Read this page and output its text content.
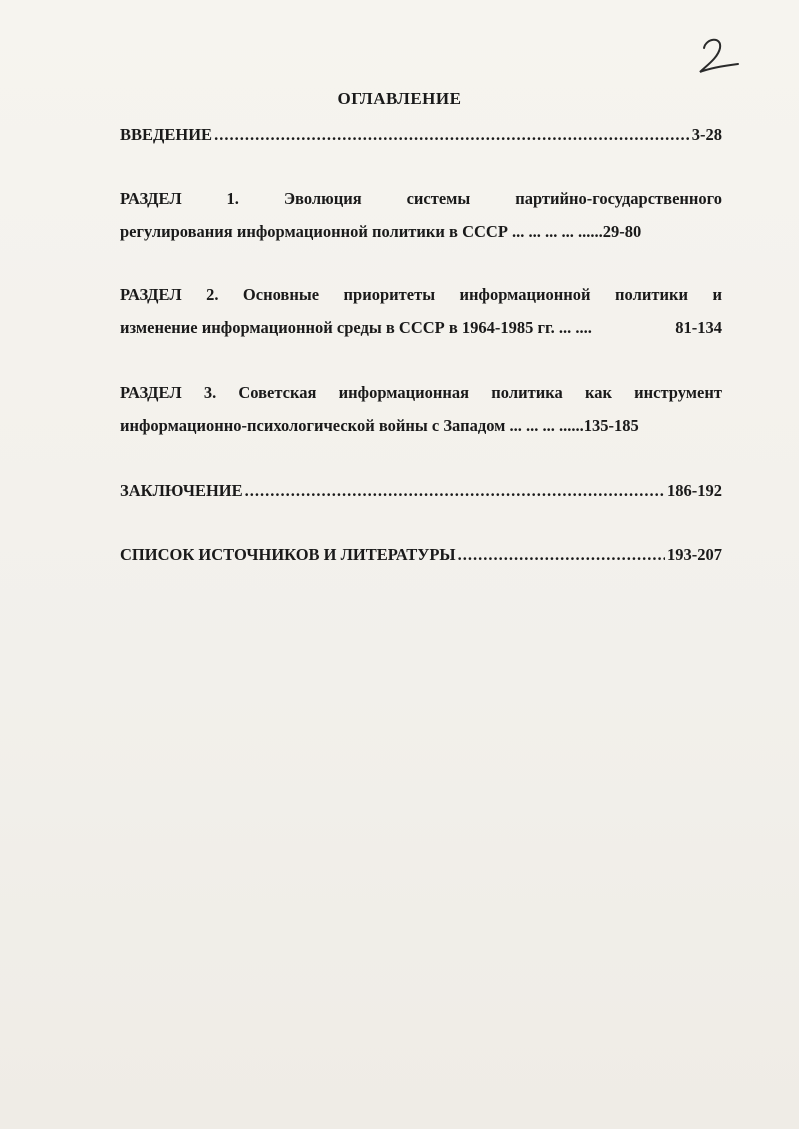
ОГЛАВЛЕНИЕ
ВВЕДЕНИЕ .....	3-28
РАЗДЕЛ	1.	Эволюция	системы	партийно-государственного
регулирования информационной политики в СССР ... ... ... ... ...... 29-80
РАЗДЕЛ 2. Основные приоритеты информационной политики и
изменение информационной среды в СССР в 1964-1985 гг. ... ....	81-134
РАЗДЕЛ 3. Советская информационная политика как инструмент
информационно-психологической войны с Западом ... ... ... ...... 135-185
ЗАКЛЮЧЕНИЕ .....	186-192
СПИСОК ИСТОЧНИКОВ И ЛИТЕРАТУРЫ .....	193-207
